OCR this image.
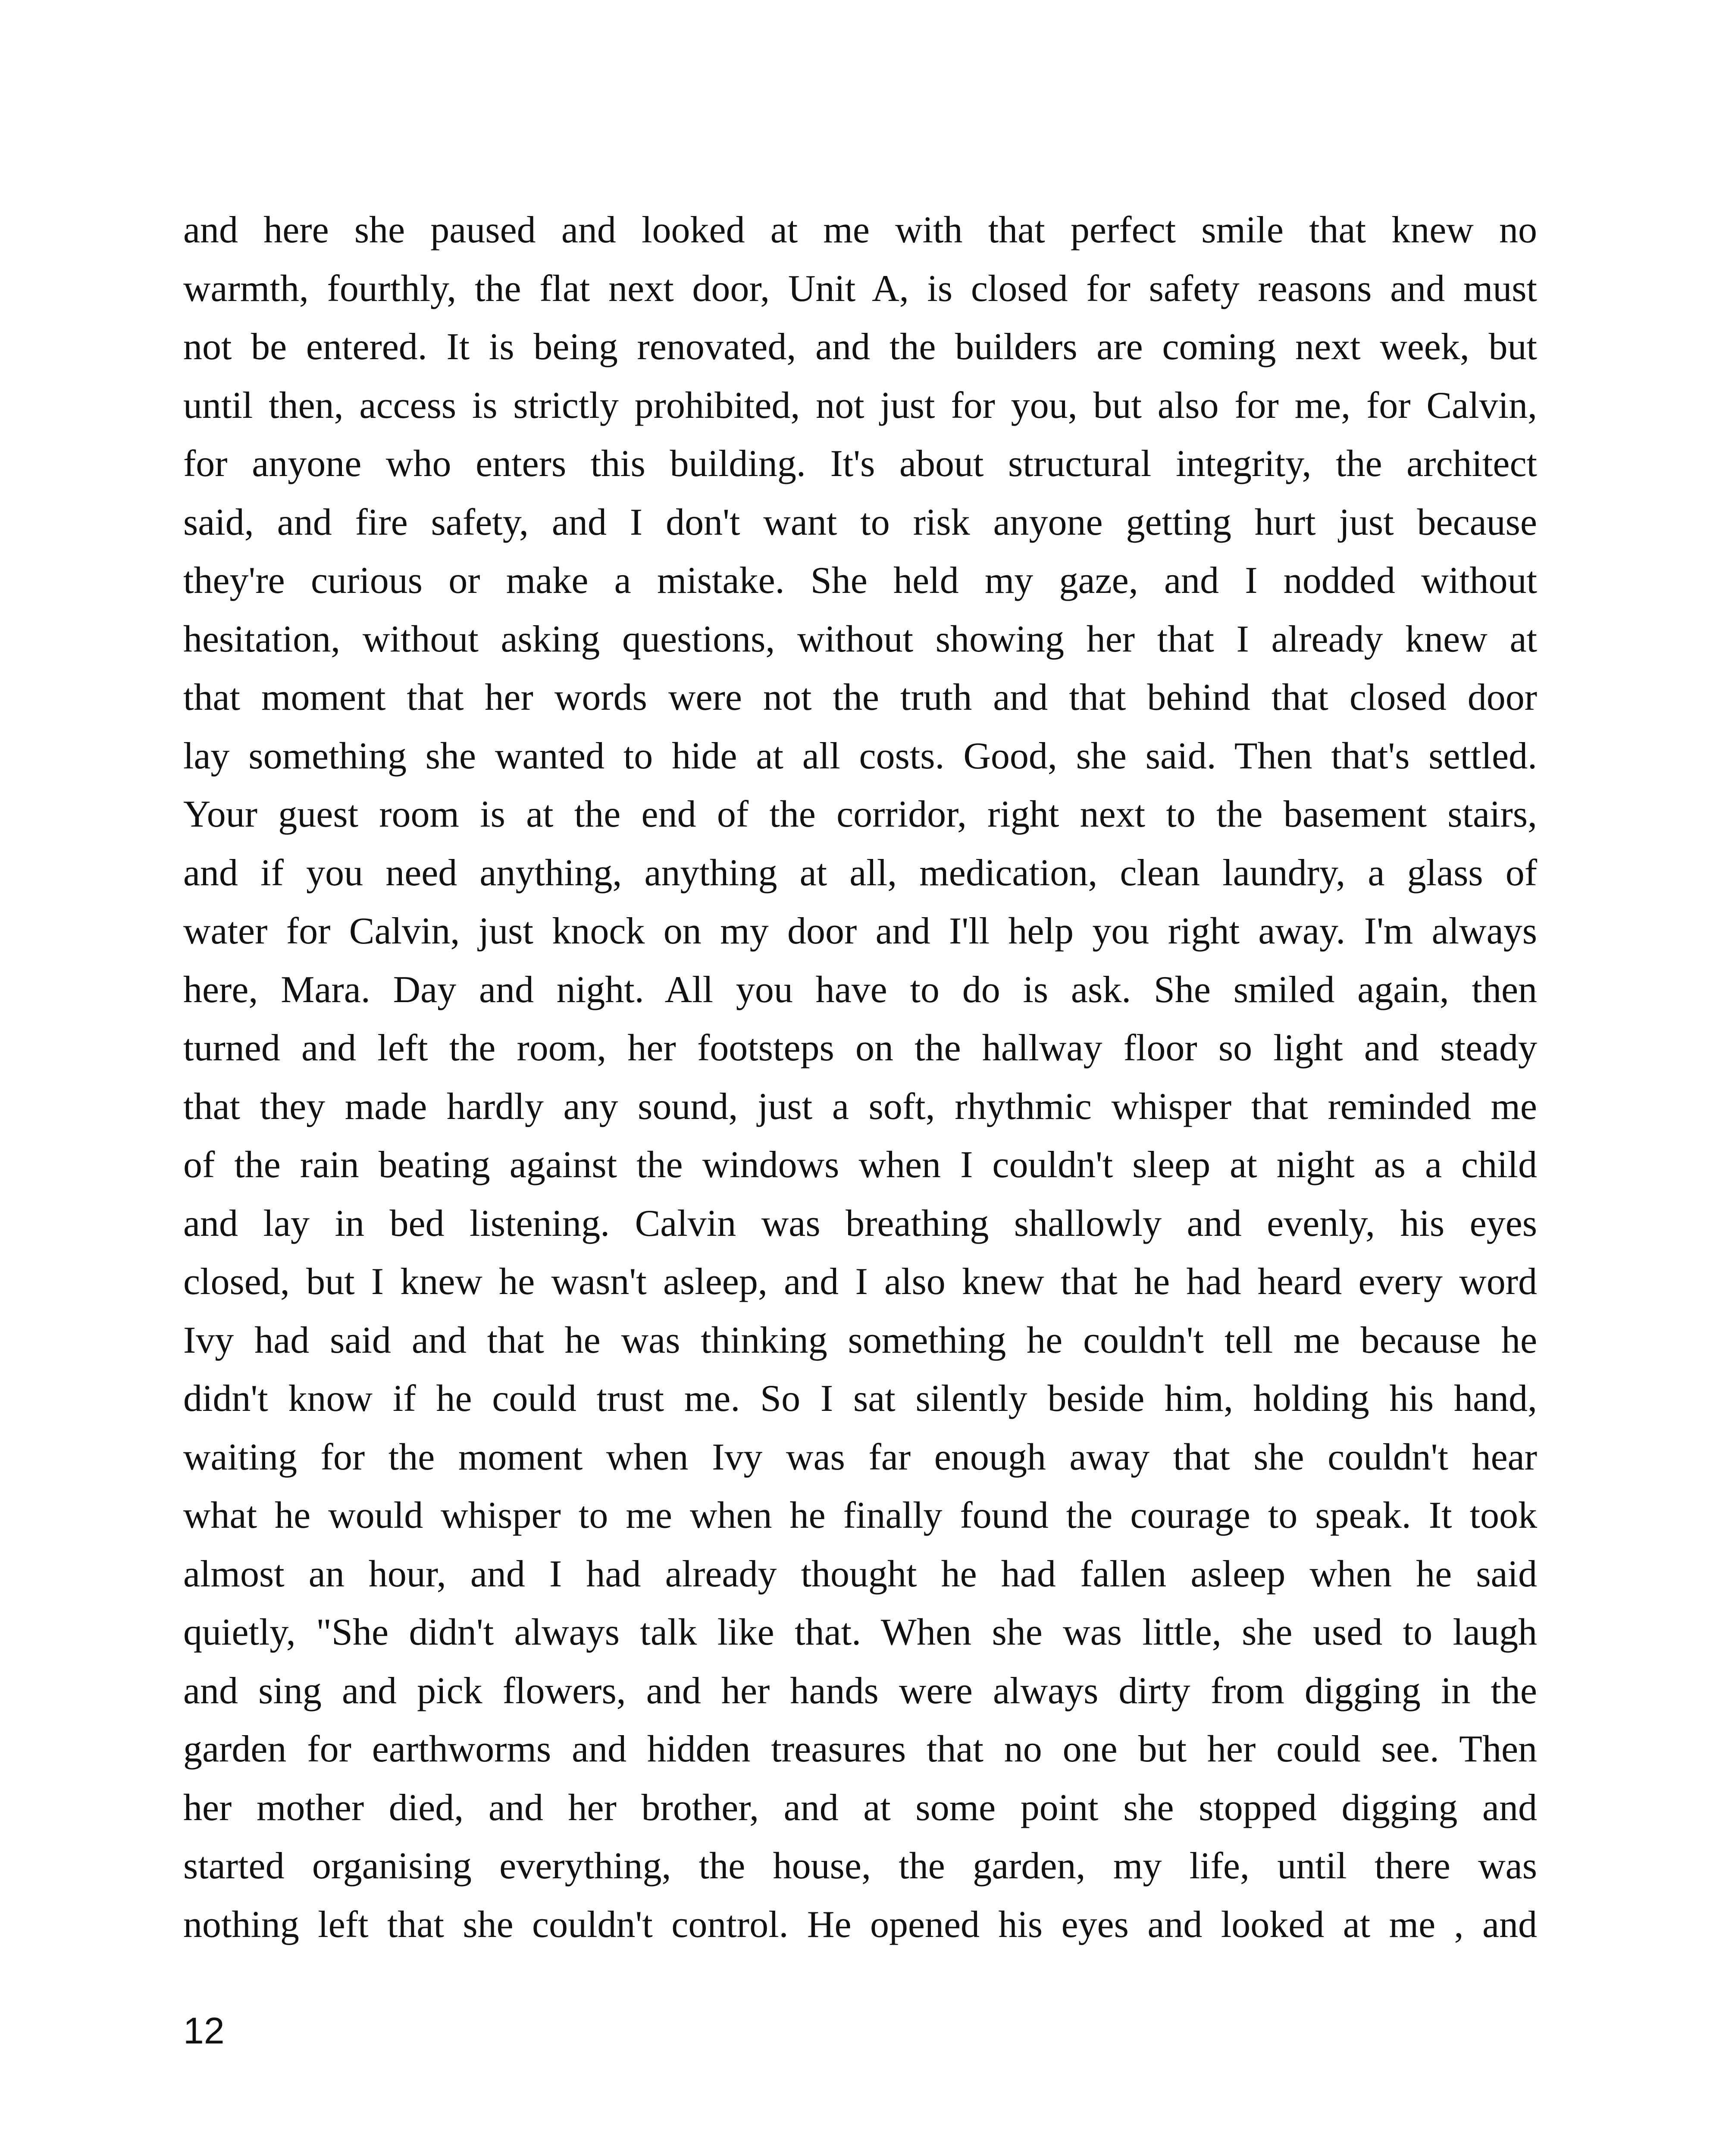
and here she paused and looked at me with that perfect smile that knew no
warmth, fourthly, the flat next door, Unit A, is closed for safety reasons and must
not be entered. It is being renovated, and the builders are coming next week, but
until then, access is strictly prohibited, not just for you, but also for me, for Calvin,
for anyone who enters this building. It's about structural integrity, the architect
said, and fire safety, and I don't want to risk anyone getting hurt just because
they're curious or make a mistake. She held my gaze, and I nodded without
hesitation, without asking questions, without showing her that I already knew at
that moment that her words were not the truth and that behind that closed door
lay something she wanted to hide at all costs. Good, she said. Then that's settled.
Your guest room is at the end of the corridor, right next to the basement stairs,
and if you need anything, anything at all, medication, clean laundry, a glass of
water for Calvin, just knock on my door and I'll help you right away. I'm always
here, Mara. Day and night. All you have to do is ask. She smiled again, then
turned and left the room, her footsteps on the hallway floor so light and steady
that they made hardly any sound, just a soft, rhythmic whisper that reminded me
of the rain beating against the windows when I couldn't sleep at night as a child
and lay in bed listening. Calvin was breathing shallowly and evenly, his eyes
closed, but I knew he wasn't asleep, and I also knew that he had heard every word
Ivy had said and that he was thinking something he couldn't tell me because he
didn't know if he could trust me. So I sat silently beside him, holding his hand,
waiting for the moment when Ivy was far enough away that she couldn't hear
what he would whisper to me when he finally found the courage to speak. It took
almost an hour, and I had already thought he had fallen asleep when he said
quietly, "She didn't always talk like that. When she was little, she used to laugh
and sing and pick flowers, and her hands were always dirty from digging in the
garden for earthworms and hidden treasures that no one but her could see. Then
her mother died, and her brother, and at some point she stopped digging and
started organising everything, the house, the garden, my life, until there was
nothing left that she couldn't control. He opened his eyes and looked at me , and
12
